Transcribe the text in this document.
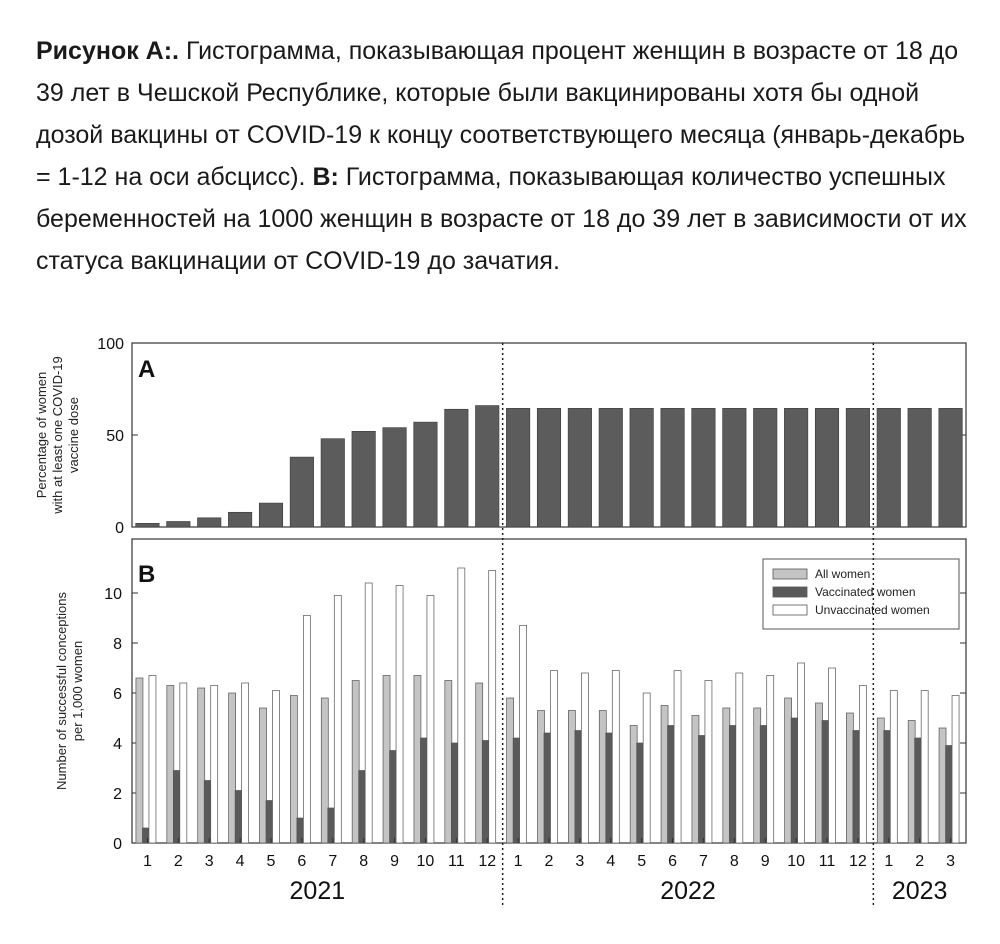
Рисунок А:. Гистограмма, показывающая процент женщин в возрасте от 18 до 39 лет в Чешской Республике, которые были вакцинированы хотя бы одной дозой вакцины от COVID-19 к концу соответствующего месяца (январь-декабрь = 1-12 на оси абсцисс). B: Гистограмма, показывающая количество успешных беременностей на 1000 женщин в возрасте от 18 до 39 лет в зависимости от их статуса вакцинации от COVID-19 до зачатия.
A
0
50
100
Percentage of women with at least one COVID-19 vaccine dose
B
0
2
4
6
8
10
Number of successful conceptions per 1,000 women
1 2 3 4 5 6 7 8 9 10 11 12 1 2 3 4 5 6 7 8 9 10 11 12 1 2 3
All women
Vaccinated women
Unvaccinated women
2021	2022	2023
